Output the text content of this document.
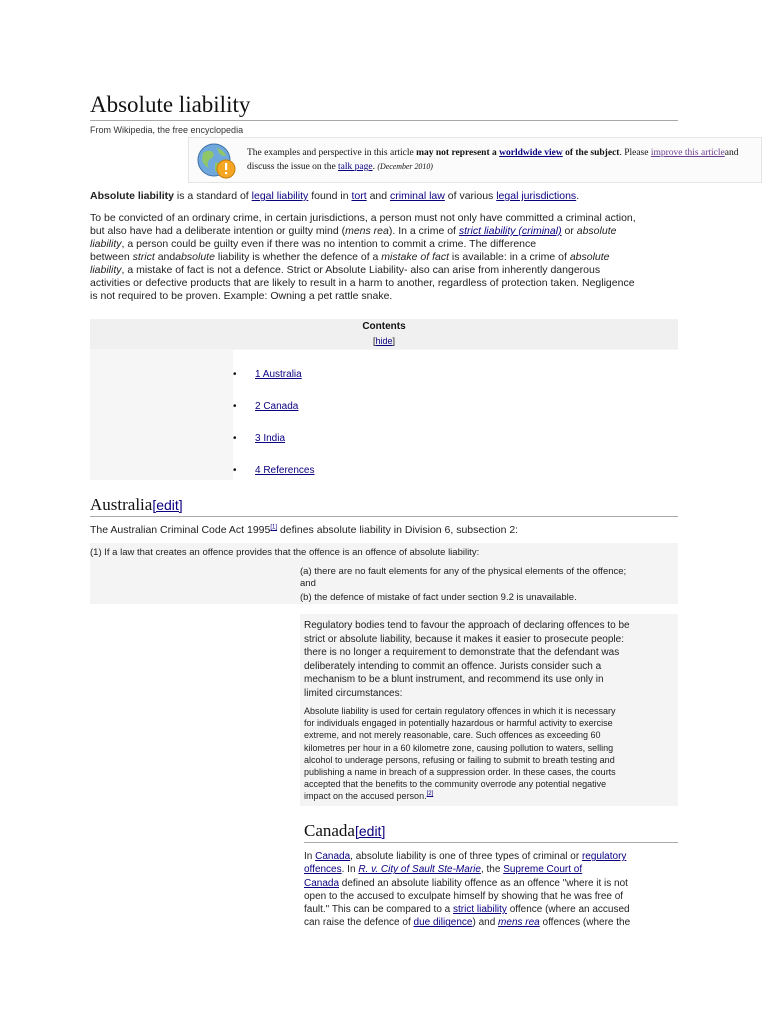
Absolute liability
From Wikipedia, the free encyclopedia
The examples and perspective in this article may not represent a worldwide view of the subject. Please improve this articleand discuss the issue on the talk page. (December 2010)

Absolute liability is a standard of legal liability found in tort and criminal law of various legal jurisdictions.

To be convicted of an ordinary crime, in certain jurisdictions, a person must not only have committed a criminal action,
but also have had a deliberate intention or guilty mind (mens rea). In a crime of strict liability (criminal) or absolute
liability, a person could be guilty even if there was no intention to commit a crime. The difference
between strict andabsolute liability is whether the defence of a mistake of fact is available: in a crime of absolute
liability, a mistake of fact is not a defence. Strict or Absolute Liability- also can arise from inherently dangerous
activities or defective products that are likely to result in a harm to another, regardless of protection taken. Negligence
is not required to be proven. Example: Owning a pet rattle snake.
Contents
[hide]
• 1 Australia
• 2 Canada
• 3 India
• 4 References
Australia[edit]
The Australian Criminal Code Act 1995[1] defines absolute liability in Division 6, subsection 2:
(1) If a law that creates an offence provides that the offence is an offence of absolute liability:
(a) there are no fault elements for any of the physical elements of the offence;
and
(b) the defence of mistake of fact under section 9.2 is unavailable.
Regulatory bodies tend to favour the approach of declaring offences to be
strict or absolute liability, because it makes it easier to prosecute people:
there is no longer a requirement to demonstrate that the defendant was
deliberately intending to commit an offence. Jurists consider such a
mechanism to be a blunt instrument, and recommend its use only in
limited circumstances:
Absolute liability is used for certain regulatory offences in which it is necessary
for individuals engaged in potentially hazardous or harmful activity to exercise
extreme, and not merely reasonable, care. Such offences as exceeding 60
kilometres per hour in a 60 kilometre zone, causing pollution to waters, selling
alcohol to underage persons, refusing or failing to submit to breath testing and
publishing a name in breach of a suppression order. In these cases, the courts
accepted that the benefits to the community overrode any potential negative
impact on the accused person.[2]
Canada[edit]
In Canada, absolute liability is one of three types of criminal or regulatory
offences. In R. v. City of Sault Ste-Marie, the Supreme Court of
Canada defined an absolute liability offence as an offence "where it is not
open to the accused to exculpate himself by showing that he was free of
fault." This can be compared to a strict liability offence (where an accused
can raise the defence of due diligence) and mens rea offences (where the
